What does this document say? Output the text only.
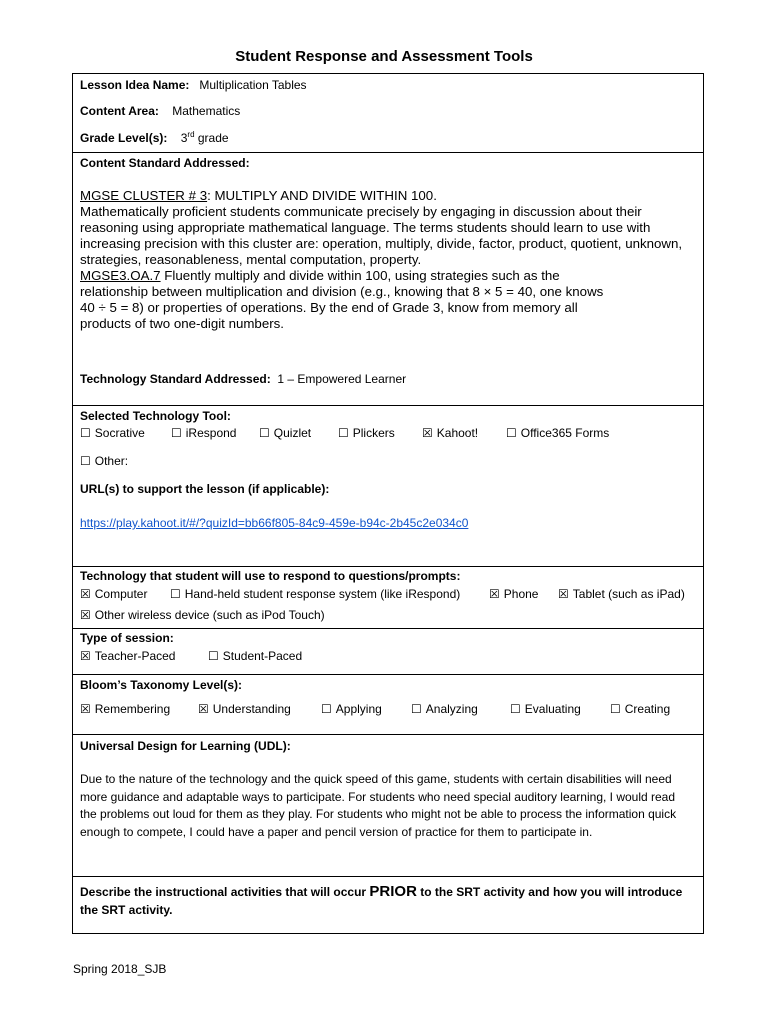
Student Response and Assessment Tools
Lesson Idea Name: Multiplication Tables
Content Area: Mathematics
Grade Level(s): 3rd grade
Content Standard Addressed:

MGSE CLUSTER # 3: MULTIPLY AND DIVIDE WITHIN 100.

Mathematically proficient students communicate precisely by engaging in discussion about their reasoning using appropriate mathematical language. The terms students should learn to use with increasing precision with this cluster are: operation, multiply, divide, factor, product, quotient, unknown, strategies, reasonableness, mental computation, property.

MGSE3.OA.7 Fluently multiply and divide within 100, using strategies such as the

relationship between multiplication and division (e.g., knowing that 8 × 5 = 40, one knows

40 ÷ 5 = 8) or properties of operations. By the end of Grade 3, know from memory all

products of two one-digit numbers.

Technology Standard Addressed: 1 – Empowered Learner
Selected Technology Tool:
☐ Socrative ☐ iRespond ☐ Quizlet ☐ Plickers ☒ Kahoot! ☐ Office365 Forms
☐ Other:
URL(s) to support the lesson (if applicable):
https://play.kahoot.it/#/?quizId=bb66f805-84c9-459e-b94c-2b45c2e034c0
Technology that student will use to respond to questions/prompts:
☒ Computer ☐ Hand-held student response system (like iRespond) ☒ Phone ☒ Tablet (such as iPad)
☒ Other wireless device (such as iPod Touch)
Type of session:
☒ Teacher-Paced	☐ Student-Paced
Bloom’s Taxonomy Level(s):
☒ Remembering ☒ Understanding	☐ Applying ☐ Analyzing	☐ Evaluating ☐ Creating
Universal Design for Learning (UDL):
Due to the nature of the technology and the quick speed of this game, students with certain disabilities will need more guidance and adaptable ways to participate. For students who need special auditory learning, I would read the problems out loud for them as they play. For students who might not be able to process the information quick enough to compete, I could have a paper and pencil version of practice for them to participate in.
Describe the instructional activities that will occur PRIOR to the SRT activity and how you will introduce the SRT activity.
Spring 2018_SJB
